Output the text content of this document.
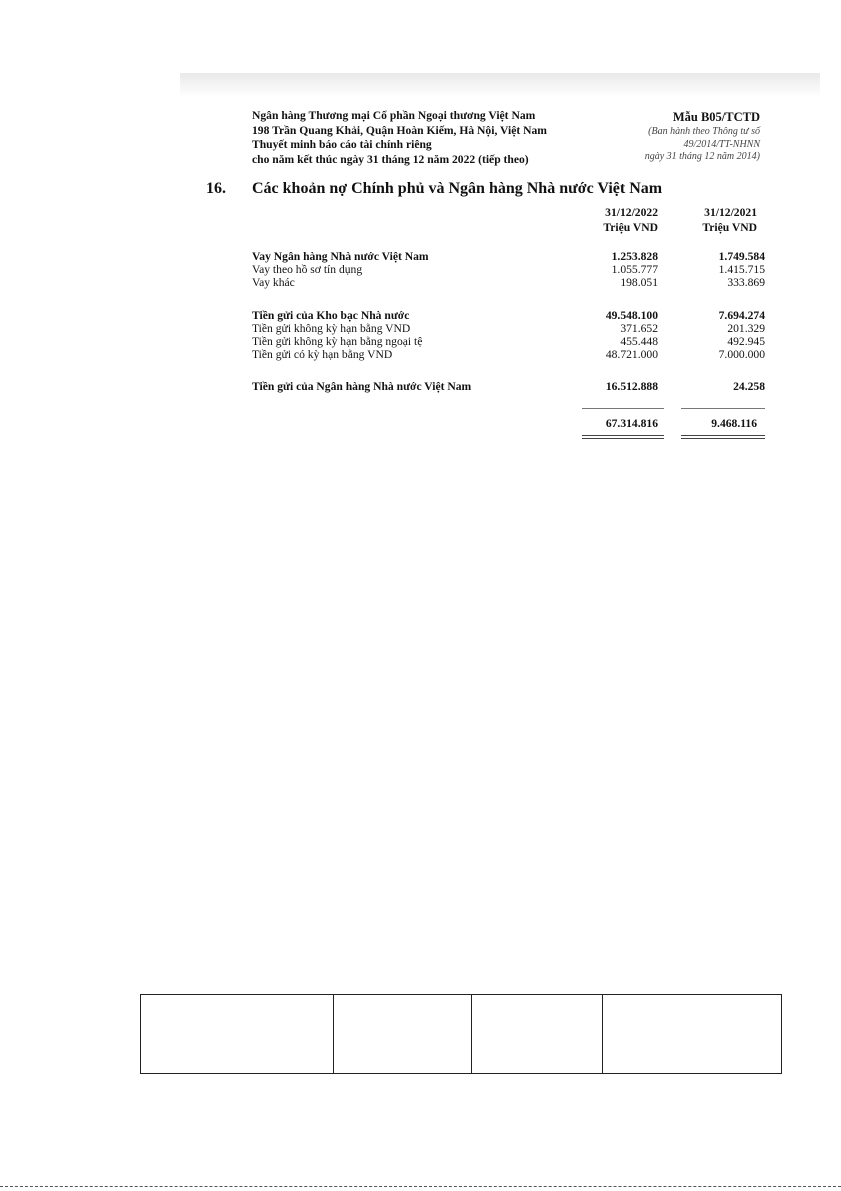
Ngân hàng Thương mại Cổ phần Ngoại thương Việt Nam
198 Trần Quang Khải, Quận Hoàn Kiếm, Hà Nội, Việt Nam
Thuyết minh báo cáo tài chính riêng
cho năm kết thúc ngày 31 tháng 12 năm 2022 (tiếp theo)
Mẫu B05/TCTD
(Ban hành theo Thông tư số
49/2014/TT-NHNN
ngày 31 tháng 12 năm 2014)
16. Các khoản nợ Chính phủ và Ngân hàng Nhà nước Việt Nam
31/12/2022
Triệu VND
31/12/2021
Triệu VND
Vay Ngân hàng Nhà nước Việt Nam	1.253.828	1.749.584
Vay theo hồ sơ tín dụng	1.055.777	1.415.715
Vay khác	198.051	333.869
Tiền gửi của Kho bạc Nhà nước	49.548.100	7.694.274
Tiền gửi không kỳ hạn bằng VND	371.652	201.329
Tiền gửi không kỳ hạn bằng ngoại tệ	455.448	492.945
Tiền gửi có kỳ hạn bằng VND	48.721.000	7.000.000
Tiền gửi của Ngân hàng Nhà nước Việt Nam	16.512.888	24.258
67.314.816	9.468.116
